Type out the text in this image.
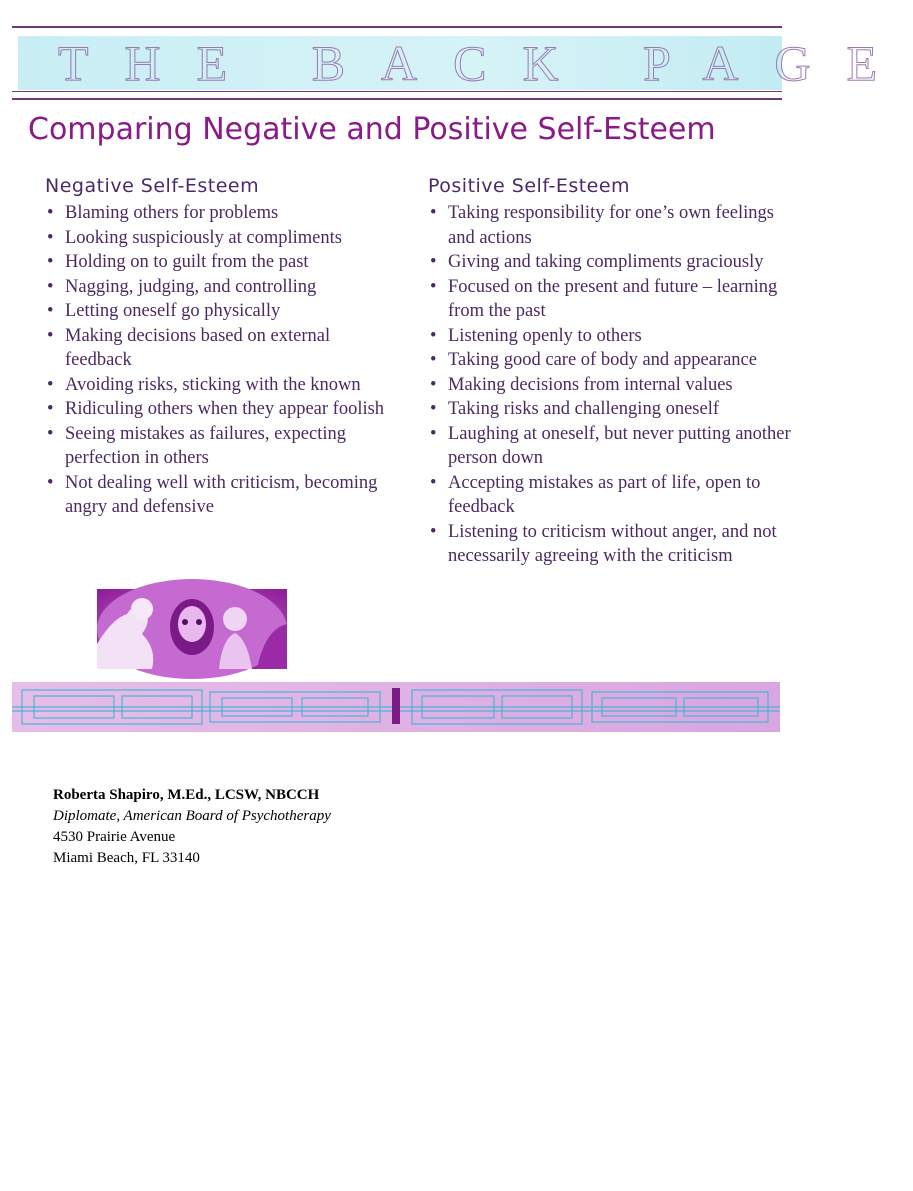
THE BACK PAGE
Comparing Negative and Positive Self-Esteem
Negative Self-Esteem
• Blaming others for problems
• Looking suspiciously at compliments
• Holding on to guilt from the past
• Nagging, judging, and controlling
• Letting oneself go physically
• Making decisions based on external feedback
• Avoiding risks, sticking with the known
• Ridiculing others when they appear foolish
• Seeing mistakes as failures, expecting perfection in others
• Not dealing well with criticism, becoming angry and defensive
Positive Self-Esteem
• Taking responsibility for one’s own feelings and actions
• Giving and taking compliments graciously
• Focused on the present and future – learning from the past
• Listening openly to others
• Taking good care of body and appearance
• Making decisions from internal values
• Taking risks and challenging oneself
• Laughing at oneself, but never putting another person down
• Accepting mistakes as part of life, open to feedback
• Listening to criticism without anger, and not necessarily agreeing with the criticism
Roberta Shapiro, M.Ed., LCSW, NBCCH
Diplomate, American Board of Psychotherapy
4530 Prairie Avenue
Miami Beach, FL 33140
